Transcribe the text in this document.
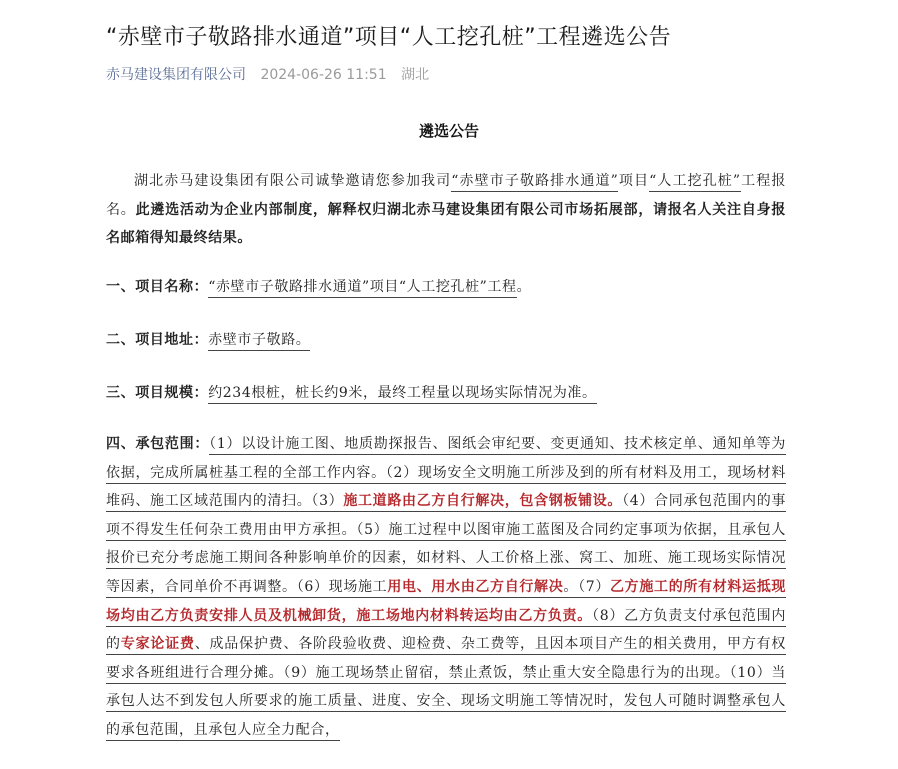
“赤壁市子敬路排水通道”项目“人工挖孔桩”工程遴选公告
赤马建设集团有限公司 2024-06-26 11:51 湖北
遴选公告
湖北赤马建设集团有限公司诚挚邀请您参加我司“赤壁市子敬路排水通道”项目“人工挖孔桩”工程报名。此遴选活动为企业内部制度，解释权归湖北赤马建设集团有限公司市场拓展部，请报名人关注自身报名邮箱得知最终结果。
一、项目名称：“赤壁市子敬路排水通道”项目“人工挖孔桩”工程。
二、项目地址：赤壁市子敬路。
三、项目规模：约234根桩，桩长约9米，最终工程量以现场实际情况为准。
四、承包范围：（1）以设计施工图、地质勘探报告、图纸会审纪要、变更通知、技术核定单、通知单等为依据，完成所属桩基工程的全部工作内容。（2）现场安全文明施工所涉及到的所有材料及用工，现场材料堆码、施工区域范围内的清扫。（3）施工道路由乙方自行解决，包含钢板铺设。（4）合同承包范围内的事项不得发生任何杂工费用由甲方承担。（5）施工过程中以图审施工蓝图及合同约定事项为依据，且承包人报价已充分考虑施工期间各种影响单价的因素，如材料、人工价格上涨、窝工、加班、施工现场实际情况等因素，合同单价不再调整。（6）现场施工用电、用水由乙方自行解决。（7）乙方施工的所有材料运抵现场均由乙方负责安排人员及机械卸货，施工场地内材料转运均由乙方负责。（8）乙方负责支付承包范围内的专家论证费、成品保护费、各阶段验收费、迎检费、杂工费等，且因本项目产生的相关费用，甲方有权要求各班组进行合理分摊。（9）施工现场禁止留宿，禁止煮饭，禁止重大安全隐患行为的出现。（10）当承包人达不到发包人所要求的施工质量、进度、安全、现场文明施工等情况时，发包人可随时调整承包人的承包范围，且承包人应全力配合，
